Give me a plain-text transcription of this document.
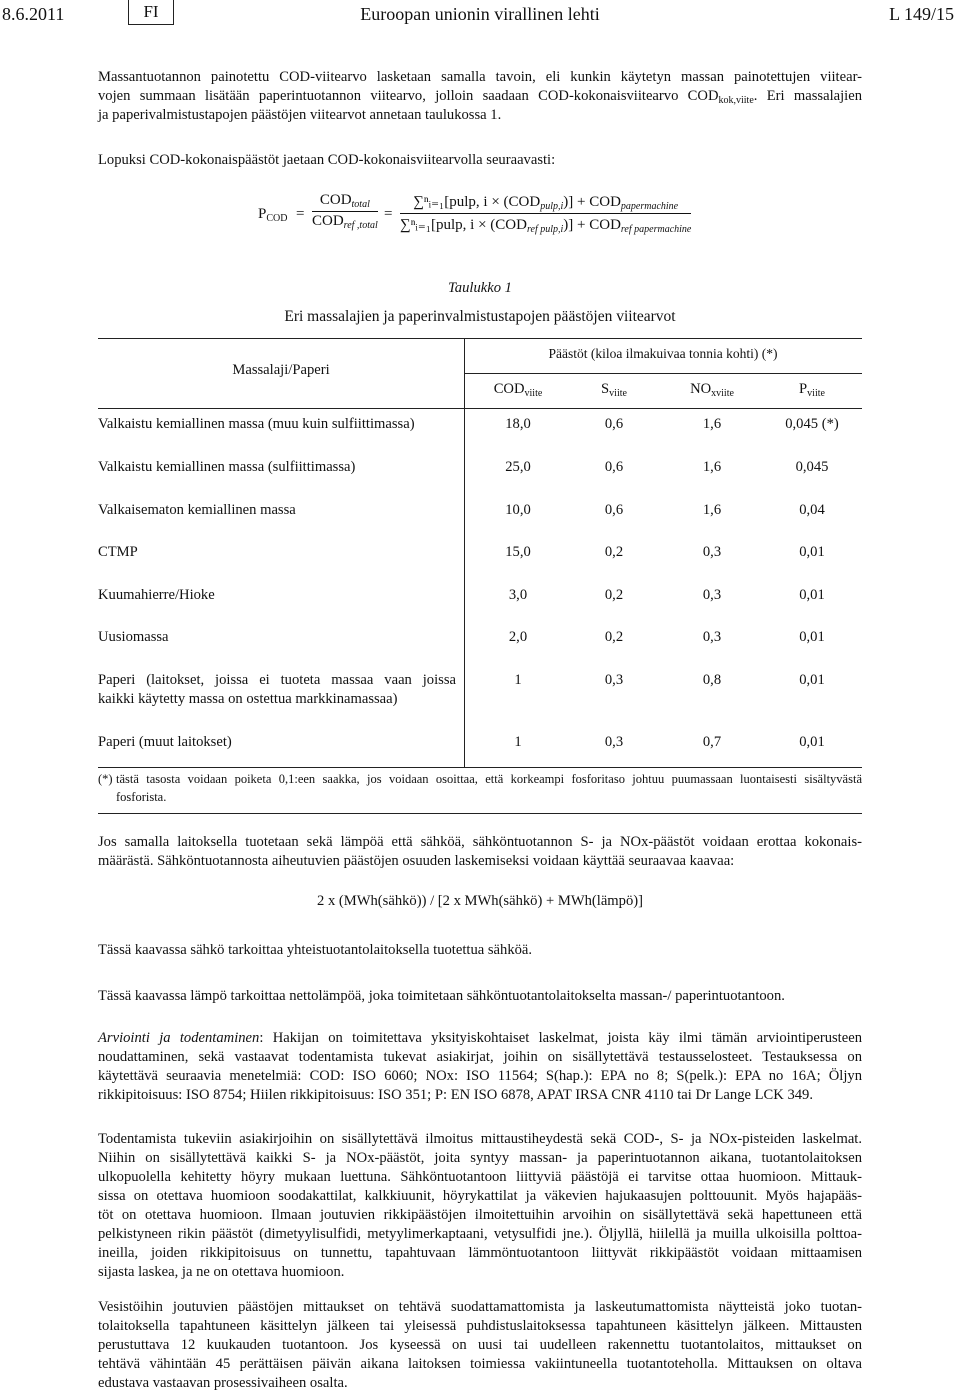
8.6.2011	FI	Euroopan unionin virallinen lehti	L 149/15
Massantuotannon painotettu COD-viitearvo lasketaan samalla tavoin, eli kunkin käytetyn massan painotettujen viitear-
vojen summaan lisätään paperintuotannon viitearvo, jolloin saadaan COD-kokonaisviitearvo $COD_{kok,viite}$. Eri massalajien
ja paperivalmistustapojen päästöjen viitearvot annetaan taulukossa 1.
Lopuksi COD-kokonaispäästöt jaetaan COD-kokonaisviitearvolla seuraavasti:
$P_{COD}$ =
$COD_{total}$
$COD_{ref ,total}$
=
∑ⁿᵢ₌₁[pulp, $i \times (COD_{pulp,i})] + COD_{papermachine}$
∑ⁿᵢ₌₁[pulp, $i \times (COD_{ref pulp,i})] + COD_{ref papermachine}$
Taulukko 1
Eri massalajien ja paperinvalmistustapojen päästöjen viitearvot
Massalaji/Paperi
Päästöt (kiloa ilmakuivaa tonnia kohti) (*)
$COD_{viite}$	$S_{viite}$	$NO_{xviite}$	$P_{viite}$
Valkaistu kemiallinen massa (muu kuin sulfiittimassa)	18,0	0,6	1,6	0,045 (*)
Valkaistu kemiallinen massa (sulfiittimassa)	25,0	0,6	1,6	0,045
Valkaisematon kemiallinen massa	10,0	0,6	1,6	0,04
CTMP	15,0	0,2	0,3	0,01
Kuumahierre/Hioke	3,0	0,2	0,3	0,01
Uusiomassa	2,0	0,2	0,3	0,01
Paperi (laitokset, joissa ei tuoteta massaa vaan joissa
kaikki käytetty massa on ostettua markkinamassaa)
1	0,3	0,8	0,01
Paperi (muut laitokset)	1	0,3	0,7	0,01
(*) tästä tasosta voidaan poiketa 0,1:een saakka, jos voidaan osoittaa, että korkeampi fosforitaso johtuu puumassaan luontaisesti sisältyvästä
fosforista.
Jos samalla laitoksella tuotetaan sekä lämpöä että sähköä, sähköntuotannon S- ja NOx-päästöt voidaan erottaa kokonais-
määrästä. Sähköntuotannosta aiheutuvien päästöjen osuuden laskemiseksi voidaan käyttää seuraavaa kaavaa:
2 x (MWh(sähkö)) / [2 x MWh(sähkö) + MWh(lämpö)]
Tässä kaavassa sähkö tarkoittaa yhteistuotantolaitoksella tuotettua sähköä.
Tässä kaavassa lämpö tarkoittaa nettolämpöä, joka toimitetaan sähköntuotantolaitokselta massan-/ paperintuotantoon.
Arviointi ja todentaminen: Hakijan on toimitettava yksityiskohtaiset laskelmat, joista käy ilmi tämän arviointiperusteen
noudattaminen, sekä vastaavat todentamista tukevat asiakirjat, joihin on sisällytettävä testausselosteet. Testauksessa on
käytettävä seuraavia menetelmiä: COD: ISO 6060; NOx: ISO 11564; S(hap.): EPA no 8; S(pelk.): EPA no 16A; Öljyn
rikkipitoisuus: ISO 8754; Hiilen rikkipitoisuus: ISO 351; P: EN ISO 6878, APAT IRSA CNR 4110 tai Dr Lange LCK 349.
Todentamista tukeviin asiakirjoihin on sisällytettävä ilmoitus mittaustiheydestä sekä COD-, S- ja NOx-pisteiden laskelmat.
Niihin on sisällytettävä kaikki S- ja NOx-päästöt, joita syntyy massan- ja paperintuotannon aikana, tuotantolaitoksen
ulkopuolella kehitetty höyry mukaan luettuna. Sähköntuotantoon liittyviä päästöjä ei tarvitse ottaa huomioon. Mittauk-
sissa on otettava huomioon soodakattilat, kalkkiuunit, höyrykattilat ja väkevien hajukaasujen polttouunit. Myös hajapääs-
töt on otettava huomioon. Ilmaan joutuvien rikkipäästöjen ilmoitettuihin arvoihin on sisällytettävä sekä hapettuneen että
pelkistyneen rikin päästöt (dimetyylisulfidi, metyylimerkaptaani, vetysulfidi jne.). Öljyllä, hiilellä ja muilla ulkoisilla polttoa-
ineilla, joiden rikkipitoisuus on tunnettu, tapahtuvaan lämmöntuotantoon liittyvät rikkipäästöt voidaan mittaamisen
sijasta laskea, ja ne on otettava huomioon.
Vesistöihin joutuvien päästöjen mittaukset on tehtävä suodattamattomista ja laskeutumattomista näytteistä joko tuotan-
tolaitoksella tapahtuneen käsittelyn jälkeen tai yleisessä puhdistuslaitoksessa tapahtuneen käsittelyn jälkeen. Mittausten
perustuttava 12 kuukauden tuotantoon. Jos kyseessä on uusi tai uudelleen rakennettu tuotantolaitos, mittaukset on
tehtävä vähintään 45 perättäisen päivän aikana laitoksen toimiessa vakiintuneella tuotantoteholla. Mittauksen on oltava
edustava vastaavan prosessivaiheen osalta.
